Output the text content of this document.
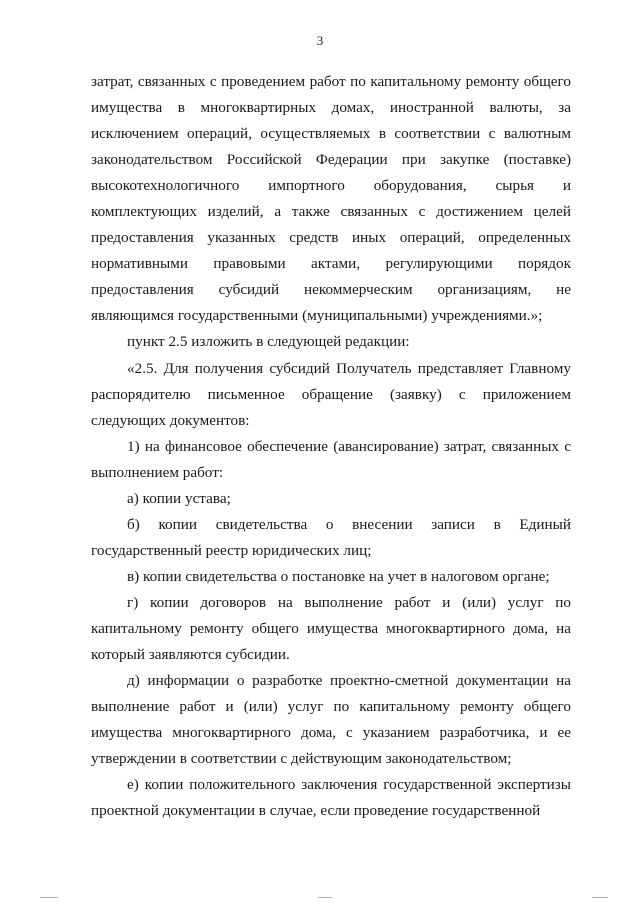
3

затрат, связанных с проведением работ по капитальному ремонту общего имущества в многоквартирных домах, иностранной валюты, за исключением операций, осуществляемых в соответствии с валютным законодательством Российской Федерации при закупке (поставке) высокотехнологичного импортного оборудования, сырья и комплектующих изделий, а также связанных с достижением целей предоставления указанных средств иных операций, определенных нормативными правовыми актами, регулирующими порядок предоставления субсидий некоммерческим организациям, не являющимся государственными (муниципальными) учреждениями.»;

пункт 2.5 изложить в следующей редакции:

«2.5. Для получения субсидий Получатель представляет Главному распорядителю письменное обращение (заявку) с приложением следующих документов:

1) на финансовое обеспечение (авансирование) затрат, связанных с выполнением работ:

а) копии устава;

б) копии свидетельства о внесении записи в Единый государственный реестр юридических лиц;

в) копии свидетельства о постановке на учет в налоговом органе;

г) копии договоров на выполнение работ и (или) услуг по капитальному ремонту общего имущества многоквартирного дома, на который заявляются субсидии.

д) информации о разработке проектно-сметной документации на выполнение работ и (или) услуг по капитальному ремонту общего имущества многоквартирного дома, с указанием разработчика, и ее утверждении в соответствии с действующим законодательством;

е) копии положительного заключения государственной экспертизы проектной документации в случае, если проведение государственной
